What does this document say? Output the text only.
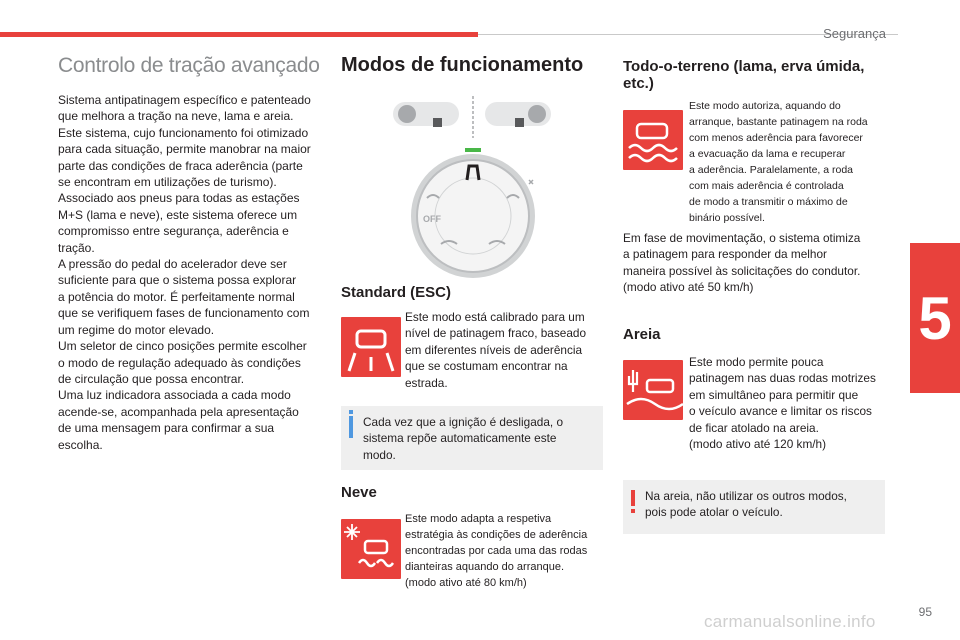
Segurança
5
Controlo de tração avançado

Sistema antipatinagem específico e patenteado
que melhora a tração na neve, lama e areia.
Este sistema, cujo funcionamento foi otimizado
para cada situação, permite manobrar na maior
parte das condições de fraca aderência (parte
se encontram em utilizações de turismo).
Associado aos pneus para todas as estações
M+S (lama e neve), este sistema oferece um
compromisso entre segurança, aderência e
tração.
A pressão do pedal do acelerador deve ser
suficiente para que o sistema possa explorar
a potência do motor. É perfeitamente normal
que se verifiquem fases de funcionamento com
um regime do motor elevado.
Um seletor de cinco posições permite escolher
o modo de regulação adequado às condições
de circulação que possa encontrar.
Uma luz indicadora associada a cada modo
acende-se, acompanhada pela apresentação
de uma mensagem para confirmar a sua
escolha.

Modos de funcionamento
OFF
Standard (ESC)

Este modo está calibrado para um
nível de patinagem fraco, baseado
em diferentes níveis de aderência
que se costumam encontrar na
estrada.

Cada vez que a ignição é desligada, o
sistema repõe automaticamente este
modo.

Neve

Este modo adapta a respetiva
estratégia às condições de aderência
encontradas por cada uma das rodas
dianteiras aquando do arranque.
(modo ativo até 80 km/h)

Todo-o-terreno (lama, erva úmida, etc.)

Este modo autoriza, aquando do
arranque, bastante patinagem na roda
com menos aderência para favorecer
a evacuação da lama e recuperar
a aderência. Paralelamente, a roda
com mais aderência é controlada
de modo a transmitir o máximo de
binário possível.

Em fase de movimentação, o sistema otimiza
a patinagem para responder da melhor
maneira possível às solicitações do condutor.
(modo ativo até 50 km/h)

Areia

Este modo permite pouca
patinagem nas duas rodas motrizes
em simultâneo para permitir que
o veículo avance e limitar os riscos
de ficar atolado na areia.
(modo ativo até 120 km/h)

Na areia, não utilizar os outros modos,
pois pode atolar o veículo.

95
carmanualsonline.info
